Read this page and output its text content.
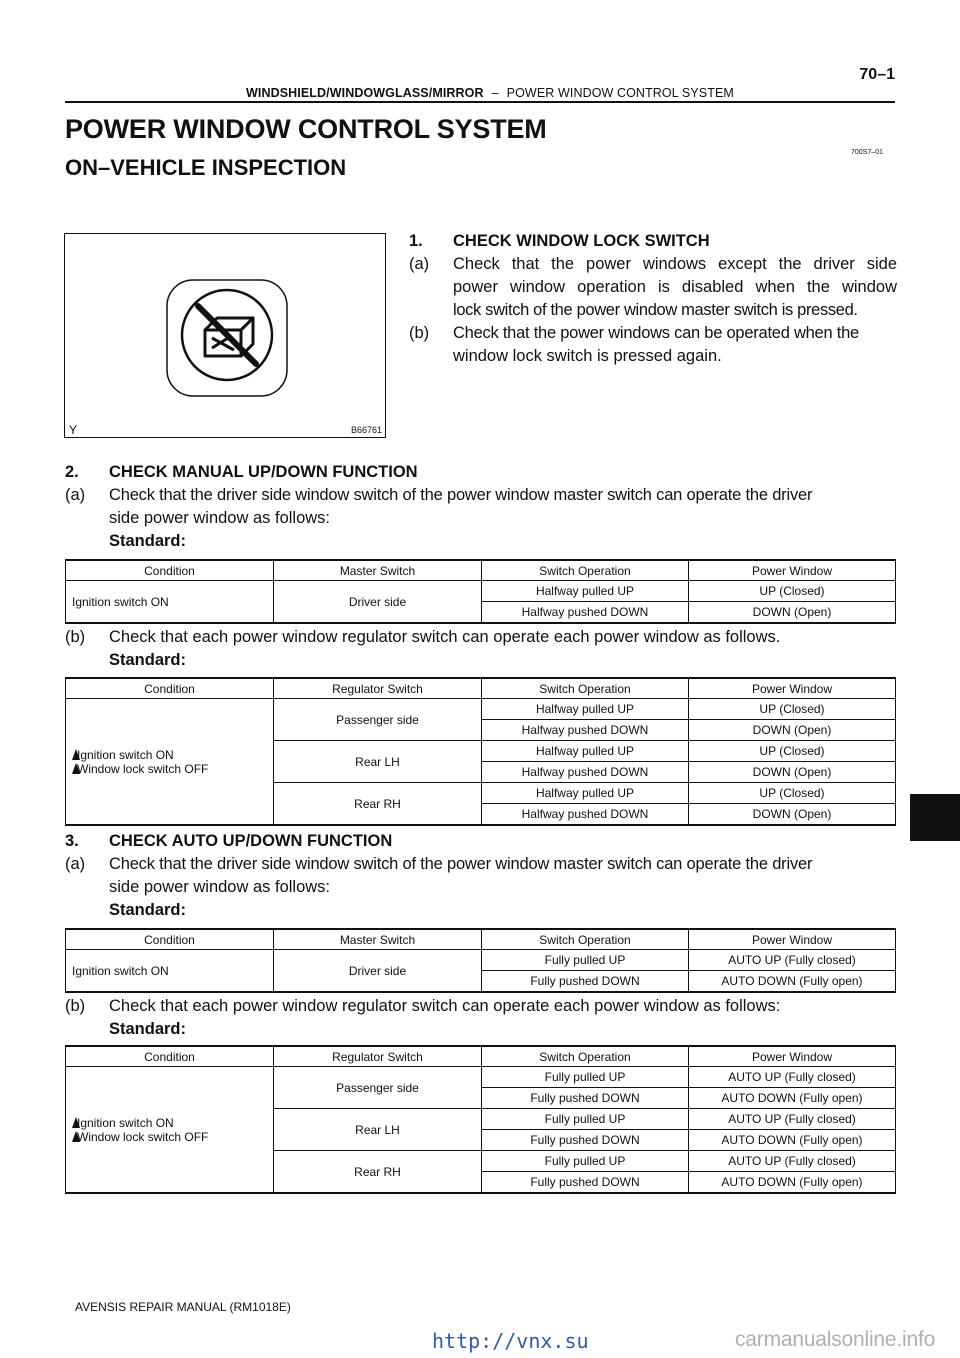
WINDSHIELD/WINDOWGLASS/MIRROR – POWER WINDOW CONTROL SYSTEM
70–1
POWER WINDOW CONTROL SYSTEM
ON–VEHICLE INSPECTION
700S7–01
Y	B66761
1. CHECK WINDOW LOCK SWITCH
(a) Check that the power windows except the driver side
power window operation is disabled when the window
lock switch of the power window master switch is pressed.
(b) Check that the power windows can be operated when the
window lock switch is pressed again.
2. CHECK MANUAL UP/DOWN FUNCTION
(a) Check that the driver side window switch of the power window master switch can operate the driver
side power window as follows:
Standard:
Condition	Master Switch	Switch Operation	Power Window
Ignition switch ON	Driver side	Halfway pulled UP	UP (Closed)
		Halfway pushed DOWN	DOWN (Open)
(b) Check that each power window regulator switch can operate each power window as follows.
Standard:
Condition	Regulator Switch	Switch Operation	Power Window

Ignition switch ON
Window lock switch OFF	Passenger side	Halfway pulled UP	UP (Closed)
		Halfway pushed DOWN	DOWN (Open)
	Rear LH	Halfway pulled UP	UP (Closed)
		Halfway pushed DOWN	DOWN (Open)
	Rear RH	Halfway pulled UP	UP (Closed)
		Halfway pushed DOWN	DOWN (Open)
3. CHECK AUTO UP/DOWN FUNCTION
(a) Check that the driver side window switch of the power window master switch can operate the driver
side power window as follows:
Standard:
Condition	Master Switch	Switch Operation	Power Window
Ignition switch ON	Driver side	Fully pulled UP	AUTO UP (Fully closed)
		Fully pushed DOWN	AUTO DOWN (Fully open)
(b) Check that each power window regulator switch can operate each power window as follows:
Standard:
Condition	Regulator Switch	Switch Operation	Power Window

Ignition switch ON
Window lock switch OFF	Passenger side	Fully pulled UP	AUTO UP (Fully closed)
		Fully pushed DOWN	AUTO DOWN (Fully open)
	Rear LH	Fully pulled UP	AUTO UP (Fully closed)
		Fully pushed DOWN	AUTO DOWN (Fully open)
	Rear RH	Fully pulled UP	AUTO UP (Fully closed)
		Fully pushed DOWN	AUTO DOWN (Fully open)
AVENSIS REPAIR MANUAL (RM1018E)
http://vnx.su	carmanualsonline.info
